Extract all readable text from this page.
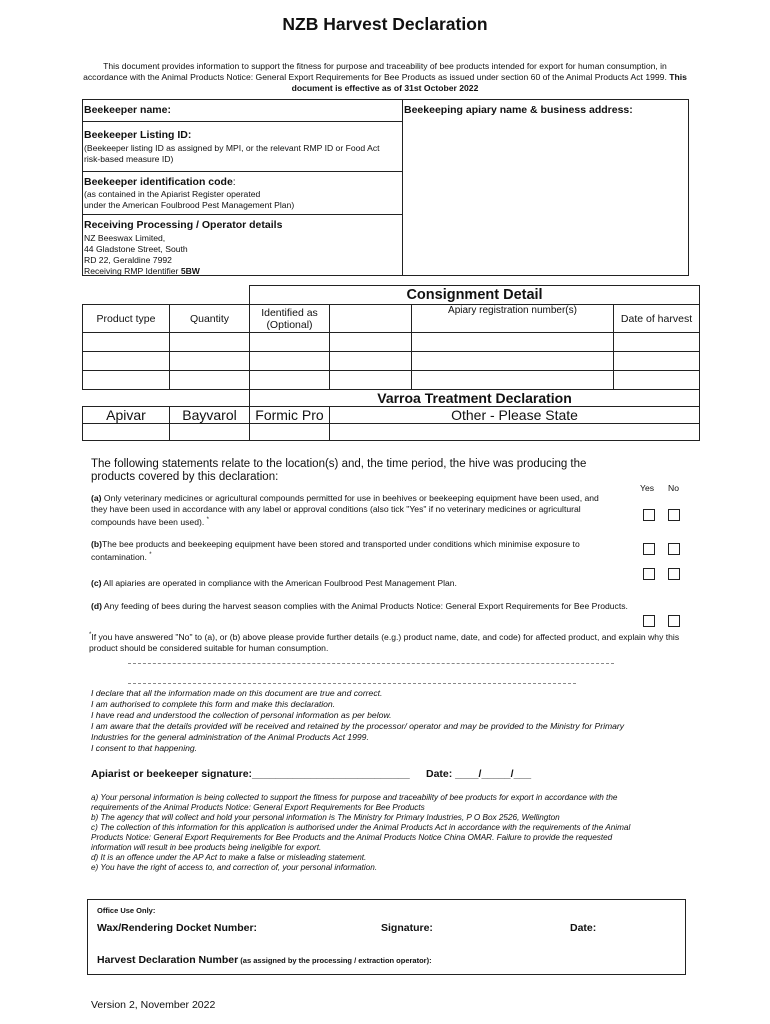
NZB Harvest Declaration
This document provides information to support the fitness for purpose and traceability of bee products intended for export for human consumption, in accordance with the Animal Products Notice: General Export Requirements for Bee Products as issued under section 60 of the Animal Products Act 1999. This document is effective as of 31st October 2022
Beekeeper name:	Beekeeping apiary name & business address:
Beekeeper Listing ID:
(Beekeeper listing ID as assigned by MPI, or the relevant RMP ID or Food Act risk-based measure ID)
Beekeeper identification code:
(as contained in the Apiarist Register operated
under the American Foulbrood Pest Management Plan)
Receiving Processing / Operator details
NZ Beeswax Limited,
44 Gladstone Street, South
RD 22, Geraldine 7992
Receiving RMP Identifier 5BW
		Consignment Detail			
Product type	Quantity	Identified as (Optional)		Apiary registration number(s)	Date of harvest

		Varroa Treatment Declaration			
Apivar	Bayvarol	Formic Pro	Other - Please State		

The following statements relate to the location(s) and, the time period, the hive was producing the products covered by this declaration:
Yes No
(a) Only veterinary medicines or agricultural compounds permitted for use in beehives or beekeeping equipment have been used, and they have been used in accordance with any label or approval conditions (also tick "Yes" if no veterinary medicines or agricultural compounds have been used). *
(b)The bee products and beekeeping equipment have been stored and transported under conditions which minimise exposure to contamination. *
(c) All apiaries are operated in compliance with the American Foulbrood Pest Management Plan.
(d) Any feeding of bees during the harvest season complies with the Animal Products Notice: General Export Requirements for Bee Products.
*If you have answered "No" to (a), or (b) above please provide further details (e.g.) product name, date, and code) for affected product, and explain why this product should be considered suitable for human consumption.
I declare that all the information made on this document are true and correct.
I am authorised to complete this form and make this declaration.
I have read and understood the collection of personal information as per below.
I am aware that the details provided will be received and retained by the processor/ operator and may be provided to the Ministry for Primary Industries for the general administration of the Animal Products Act 1999.
I consent to that happening.
Apiarist or beekeeper signature:___________________________ Date: ____/_____/___
a) Your personal information is being collected to support the fitness for purpose and traceability of bee products for export in accordance with the requirements of the Animal Products Notice: General Export Requirements for Bee Products
b) The agency that will collect and hold your personal information is The Ministry for Primary Industries, P O Box 2526, Wellington
c) The collection of this information for this application is authorised under the Animal Products Act in accordance with the requirements of the Animal Products Notice: General Export Requirements for Bee Products and the Animal Products Notice China OMAR. Failure to provide the requested information will result in bee products being ineligible for export.
d) It is an offence under the AP Act to make a false or misleading statement.
e) You have the right of access to, and correction of, your personal information.
Office Use Only:
Wax/Rendering Docket Number:	Signature:	Date:
Harvest Declaration Number (as assigned by the processing / extraction operator):
Version 2, November 2022
